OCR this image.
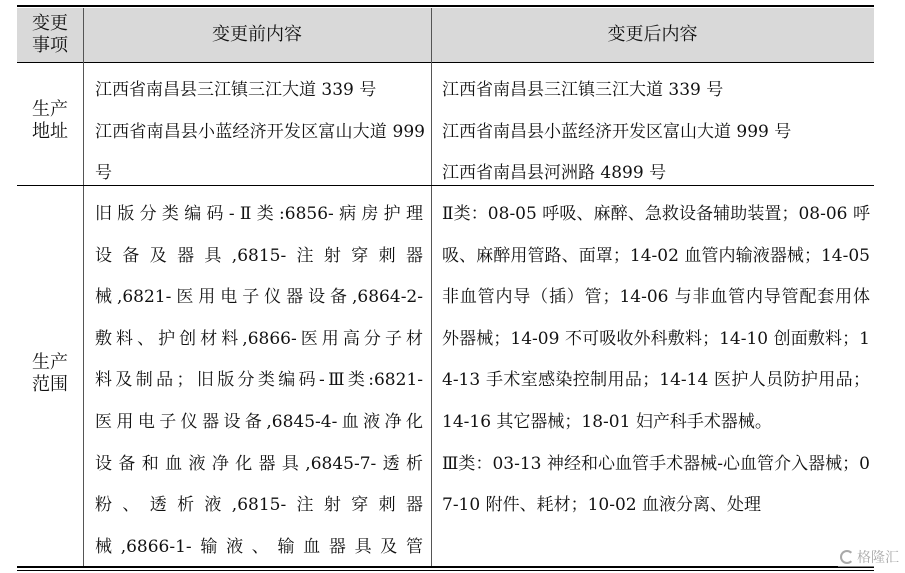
变更
事项
变更前内容	变更后内容
生产
地址
江西省南昌县三江镇三江大道 339 号
江西省南昌县小蓝经济开发区富山大道 999 号
江西省南昌县三江镇三江大道 339 号
江西省南昌县小蓝经济开发区富山大道 999 号
江西省南昌县河洲路 4899 号
生产
范围
旧版分类编码-Ⅱ类:6856-病房护理
设备及器具,6815-注射穿刺器
械,6821-医用电子仪器设备,6864-2-
敷料、护创材料,6866-医用高分子材
料及制品；旧版分类编码-Ⅲ类:6821-
医用电子仪器设备,6845-4-血液净化
设备和血液净化器具,6845-7-透析
粉、透析液,6815-注射穿刺器
械,6866-1-输液、输血器具及管
Ⅱ类：08-05 呼吸、麻醉、急救设备辅助装置；08-06 呼吸、麻醉用管路、面罩；14-02 血管内输液器械；14-05 非血管内导（插）管；14-06 与非血管内导管配套用体外器械；14-09 不可吸收外科敷料；14-10 创面敷料；14-13 手术室感染控制用品；14-14 医护人员防护用品；14-16 其它器械；18-01 妇产科手术器械。
Ⅲ类：03-13 神经和心血管手术器械-心血管介入器械；07-10 附件、耗材；10-02 血液分离、处理
格隆汇
